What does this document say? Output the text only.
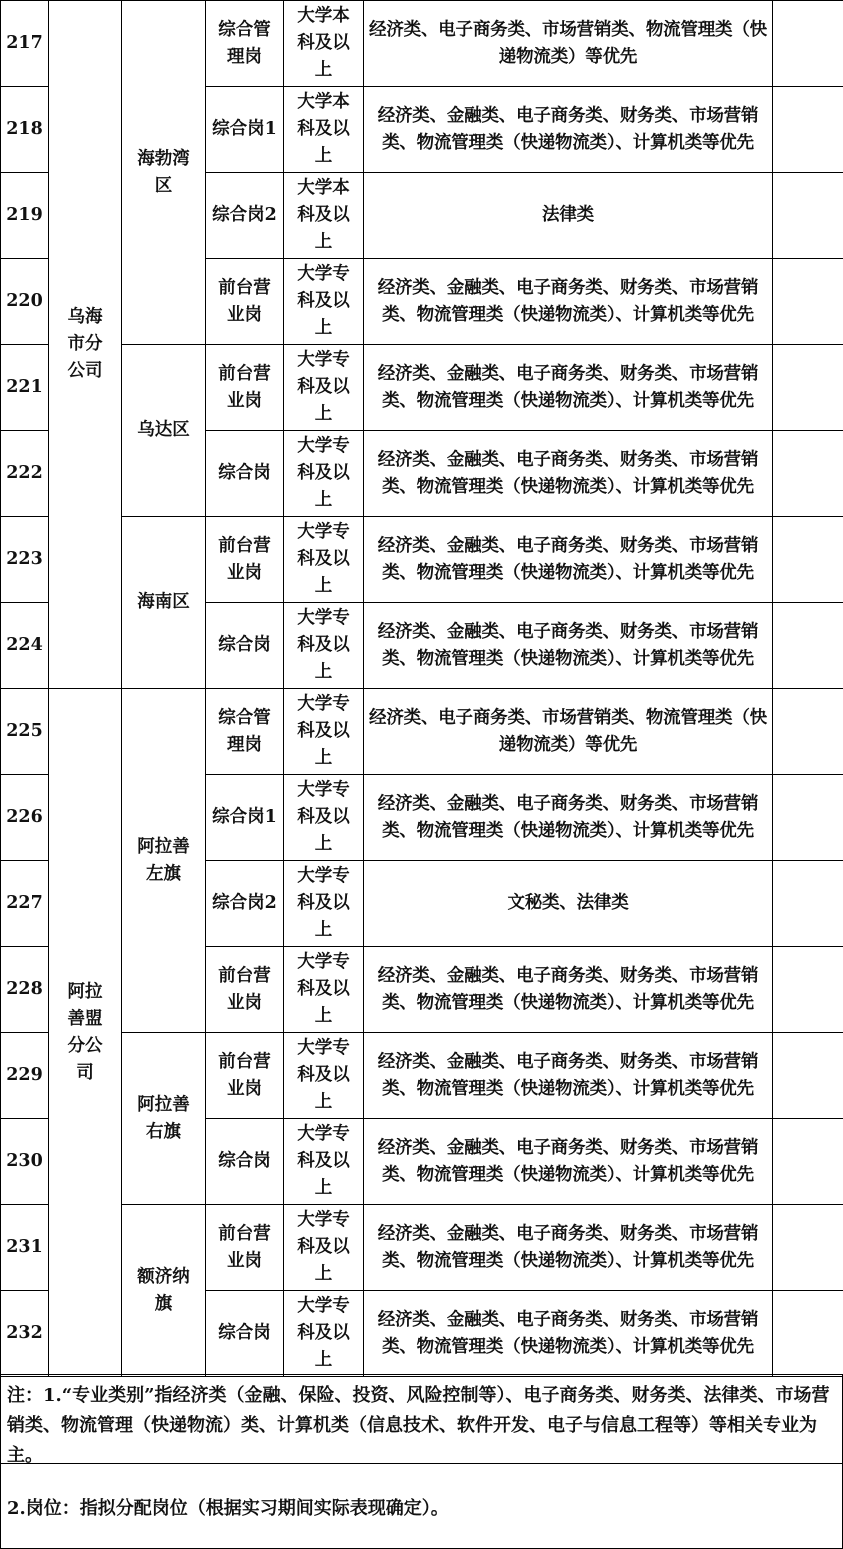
217	乌海市分公司	海勃湾区	综合管理岗	大学本科及以上	经济类、电子商务类、市场营销类、物流管理类（快递物流类）等优先	
218			综合岗1	大学本科及以上	经济类、金融类、电子商务类、财务类、市场营销类、物流管理类（快递物流类）、计算机类等优先	
219			综合岗2	大学本科及以上	法律类	
220			前台营业岗	大学专科及以上	经济类、金融类、电子商务类、财务类、市场营销类、物流管理类（快递物流类）、计算机类等优先	
221		乌达区	前台营业岗	大学专科及以上	经济类、金融类、电子商务类、财务类、市场营销类、物流管理类（快递物流类）、计算机类等优先	
222			综合岗	大学专科及以上	经济类、金融类、电子商务类、财务类、市场营销类、物流管理类（快递物流类）、计算机类等优先	
223		海南区	前台营业岗	大学专科及以上	经济类、金融类、电子商务类、财务类、市场营销类、物流管理类（快递物流类）、计算机类等优先	
224			综合岗	大学专科及以上	经济类、金融类、电子商务类、财务类、市场营销类、物流管理类（快递物流类）、计算机类等优先	
225	阿拉善盟分公司	阿拉善左旗	综合管理岗	大学专科及以上	经济类、电子商务类、市场营销类、物流管理类（快递物流类）等优先	
226			综合岗1	大学专科及以上	经济类、金融类、电子商务类、财务类、市场营销类、物流管理类（快递物流类）、计算机类等优先	
227			综合岗2	大学专科及以上	文秘类、法律类	
228			前台营业岗	大学专科及以上	经济类、金融类、电子商务类、财务类、市场营销类、物流管理类（快递物流类）、计算机类等优先	
229		阿拉善右旗	前台营业岗	大学专科及以上	经济类、金融类、电子商务类、财务类、市场营销类、物流管理类（快递物流类）、计算机类等优先	
230			综合岗	大学专科及以上	经济类、金融类、电子商务类、财务类、市场营销类、物流管理类（快递物流类）、计算机类等优先	
231		额济纳旗	前台营业岗	大学专科及以上	经济类、金融类、电子商务类、财务类、市场营销类、物流管理类（快递物流类）、计算机类等优先	
232			综合岗	大学专科及以上	经济类、金融类、电子商务类、财务类、市场营销类、物流管理类（快递物流类）、计算机类等优先	
注：1.“专业类别”指经济类（金融、保险、投资、风险控制等）、电子商务类、财务类、法律类、市场营销类、物流管理（快递物流）类、计算机类（信息技术、软件开发、电子与信息工程等）等相关专业为主。
2.岗位：指拟分配岗位（根据实习期间实际表现确定）。
